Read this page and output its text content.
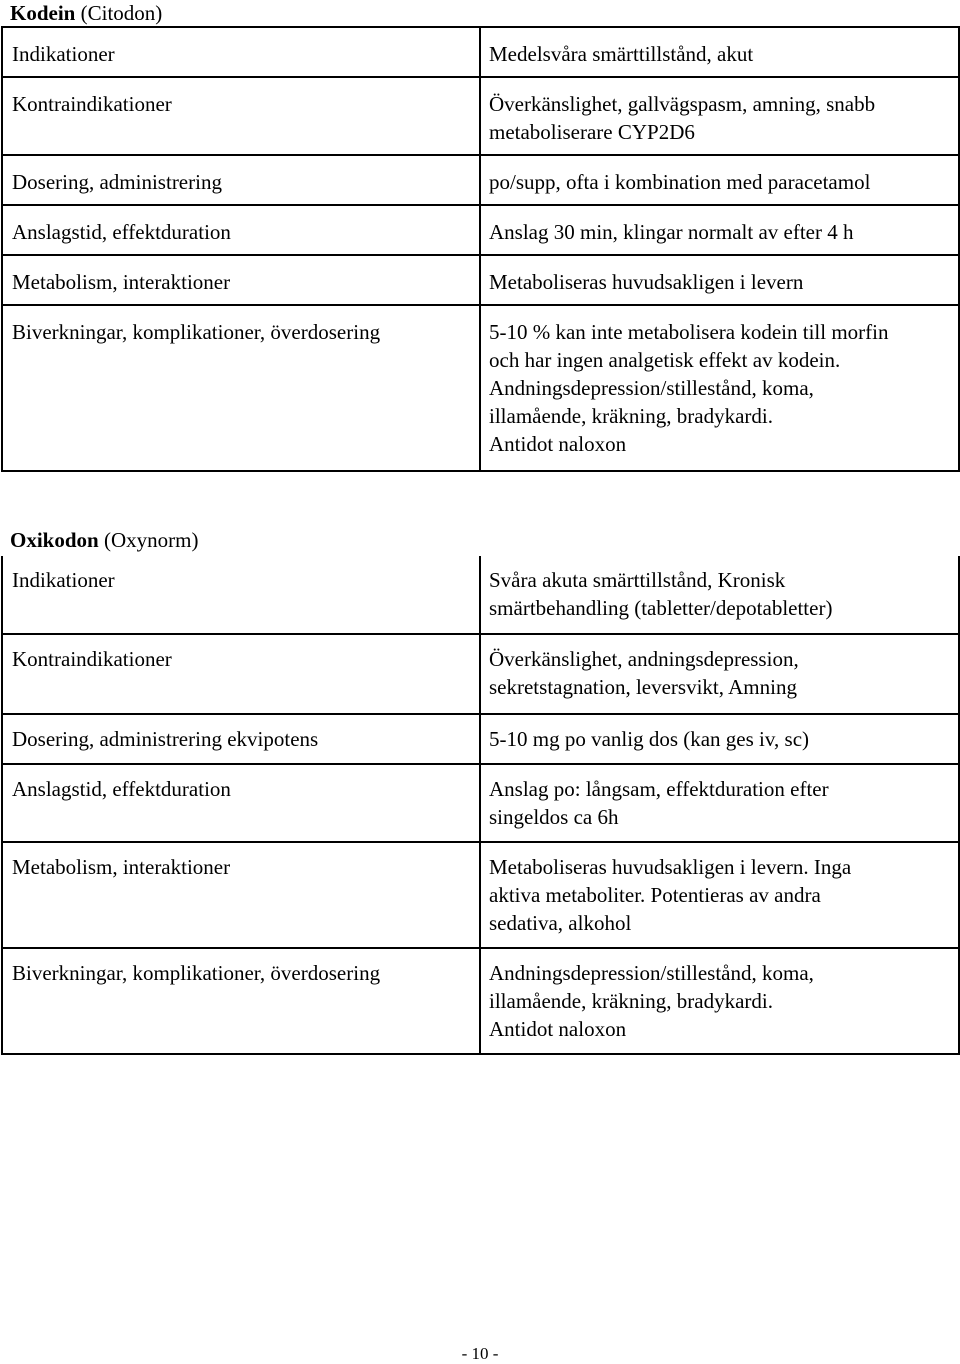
Kodein (Citodon)
Indikationer	Medelsvåra smärttillstånd, akut

Kontraindikationer	Överkänslighet, gallvägspasm, amning, snabb
metaboliserare CYP2D6

Dosering, administrering	po/supp, ofta i kombination med paracetamol

Anslagstid, effektduration	Anslag 30 min, klingar normalt av efter 4 h

Metabolism, interaktioner	Metaboliseras huvudsakligen i levern

Biverkningar, komplikationer, överdosering	5-10 % kan inte metabolisera kodein till morfin
och har ingen analgetisk effekt av kodein.
Andningsdepression/stillestånd, koma,
illamående, kräkning, bradykardi.
Antidot naloxon
Oxikodon (Oxynorm)
Indikationer	Svåra akuta smärttillstånd, Kronisk
smärtbehandling (tabletter/depotabletter)

Kontraindikationer	Överkänslighet, andningsdepression,
sekretstagnation, leversvikt, Amning

Dosering, administrering ekvipotens	5-10 mg po vanlig dos (kan ges iv, sc)

Anslagstid, effektduration	Anslag po: långsam, effektduration efter
singeldos ca 6h

Metabolism, interaktioner	Metaboliseras huvudsakligen i levern. Inga
aktiva metaboliter. Potentieras av andra
sedativa, alkohol

Biverkningar, komplikationer, överdosering	Andningsdepression/stillestånd, koma,
illamående, kräkning, bradykardi.
Antidot naloxon
- 10 -
